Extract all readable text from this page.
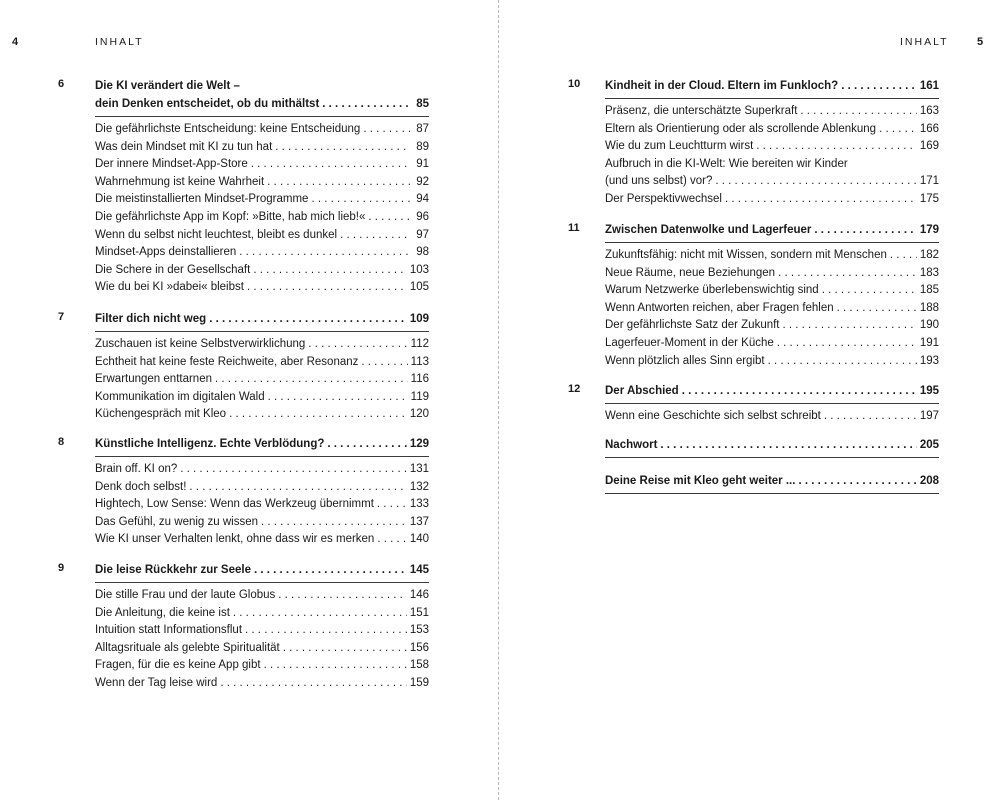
4	INHALT
6	Die KI verändert die Welt –
dein Denken entscheidet, ob du mithältst . . .	85
Die gefährlichste Entscheidung: keine Entscheidung . . .	87
Was dein Mindset mit KI zu tun hat . . .	89
Der innere Mindset-App-Store . . .	91
Wahrnehmung ist keine Wahrheit . . .	92
Die meistinstallierten Mindset-Programme . . .	94
Die gefährlichste App im Kopf: »Bitte, hab mich lieb!« . . .	96
Wenn du selbst nicht leuchtest, bleibt es dunkel . . .	97
Mindset-Apps deinstallieren . . .	98
Die Schere in der Gesellschaft . . .	103
Wie du bei KI »dabei« bleibst . . .	105
7	Filter dich nicht weg . . .	109
Zuschauen ist keine Selbstverwirklichung . . .	112
Echtheit hat keine feste Reichweite, aber Resonanz . . .	113
Erwartungen enttarnen . . .	116
Kommunikation im digitalen Wald . . .	119
Küchengespräch mit Kleo . . .	120
8	Künstliche Intelligenz. Echte Verblödung? . . .	129
Brain off. KI on? . . .	131
Denk doch selbst! . . .	132
Hightech, Low Sense: Wenn das Werkzeug übernimmt . . .	133
Das Gefühl, zu wenig zu wissen . . .	137
Wie KI unser Verhalten lenkt, ohne dass wir es merken . . .	140
9	Die leise Rückkehr zur Seele . . .	145
Die stille Frau und der laute Globus . . .	146
Die Anleitung, die keine ist . . .	151
Intuition statt Informationsflut . . .	153
Alltagsrituale als gelebte Spiritualität . . .	156
Fragen, für die es keine App gibt . . .	158
Wenn der Tag leise wird . . .	159
INHALT	5
10 Kindheit in der Cloud. Eltern im Funkloch? . . .	161
Präsenz, die unterschätzte Superkraft . . .	163
Eltern als Orientierung oder als scrollende Ablenkung . . .	166
Wie du zum Leuchtturm wirst . . .	169
Aufbruch in die KI-Welt: Wie bereiten wir Kinder
(und uns selbst) vor? . . .	171
Der Perspektivwechsel . . .	175
11 Zwischen Datenwolke und Lagerfeuer . . .	179
Zukunftsfähig: nicht mit Wissen, sondern mit Menschen . . .	182
Neue Räume, neue Beziehungen . . .	183
Warum Netzwerke überlebenswichtig sind . . .	185
Wenn Antworten reichen, aber Fragen fehlen . . .	188
Der gefährlichste Satz der Zukunft . . .	190
Lagerfeuer-Moment in der Küche . . .	191
Wenn plötzlich alles Sinn ergibt . . .	193
12 Der Abschied . . .	195
Wenn eine Geschichte sich selbst schreibt . . .	197
Nachwort . . .	205
Deine Reise mit Kleo geht weiter ... . . .	208
